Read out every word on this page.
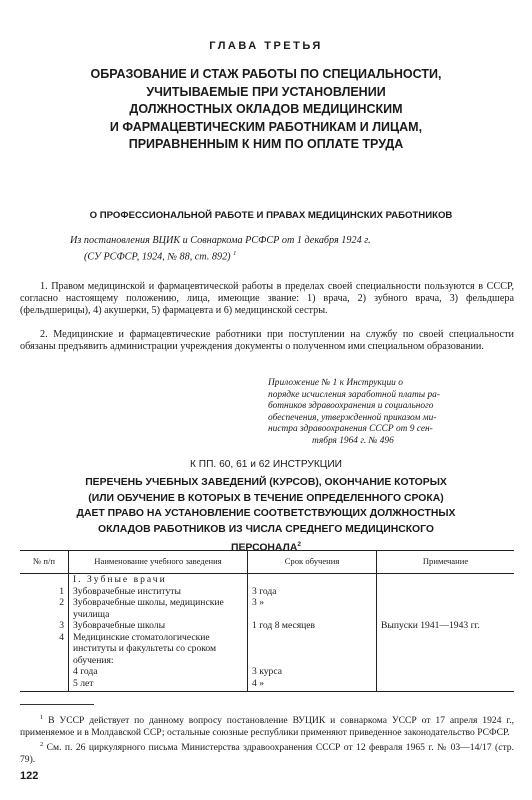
ГЛАВА ТРЕТЬЯ
ОБРАЗОВАНИЕ И СТАЖ РАБОТЫ ПО СПЕЦИАЛЬНОСТИ,
УЧИТЫВАЕМЫЕ ПРИ УСТАНОВЛЕНИИ
ДОЛЖНОСТНЫХ ОКЛАДОВ МЕДИЦИНСКИМ
И ФАРМАЦЕВТИЧЕСКИМ РАБОТНИКАМ И ЛИЦАМ,
ПРИРАВНЕННЫМ К НИМ ПО ОПЛАТЕ ТРУДА
О ПРОФЕССИОНАЛЬНОЙ РАБОТЕ И ПРАВАХ МЕДИЦИНСКИХ РАБОТНИКОВ
Из постановления ВЦИК и Совнаркома РСФСР от 1 декабря 1924 г.
(СУ РСФСР, 1924, № 88, ст. 892) $^1$
1. Правом медицинской и фармацевтической работы в пределах своей специальности пользуются в СССР, согласно настоящему положению, лица, имеющие звание: 1) врача, 2) зубного врача, 3) фельдшера (фельдшерицы), 4) акушерки, 5) фармацевта и 6) медицинской сестры.
2. Медицинские и фармацевтические работники при поступлении на службу по своей специальности обязаны предъявить администрации учреждения документы о полученном ими специальном образовании.
Приложение № 1 к Инструкции о
порядке исчисления заработной платы ра-
ботников здравоохранения и социального
обеспечения, утвержденной приказом ми-
нистра здравоохранения СССР от 9 сен-
тября 1964 г. № 496
К ПП. 60, 61 и 62 ИНСТРУКЦИИ
ПЕРЕЧЕНЬ УЧЕБНЫХ ЗАВЕДЕНИЙ (КУРСОВ), ОКОНЧАНИЕ КОТОРЫХ
(ИЛИ ОБУЧЕНИЕ В КОТОРЫХ В ТЕЧЕНИЕ ОПРЕДЕЛЕННОГО СРОКА)
ДАЕТ ПРАВО НА УСТАНОВЛЕНИЕ СООТВЕТСТВУЮЩИХ ДОЛЖНОСТНЫХ
ОКЛАДОВ РАБОТНИКОВ ИЗ ЧИСЛА СРЕДНЕГО МЕДИЦИНСКОГО
ПЕРСОНАЛА$^2$
№ п/п	Наименование учебного заведения	Срок обучения	Примечание
	I. Зубные врачи		
1	Зубоврачебные институты	3 года	
2	Зубоврачебные школы, медицинские училища	3 »	
3	Зубоврачебные школы	1 год 8 месяцев	Выпуски 1941—1943 гг.
4	Медицинские стоматологические институты и факультеты со сроком обучения:		
	4 года	3 курса	
	5 лет	4 »	
$^1$ В УССР действует по данному вопросу постановление ВУЦИК и совнаркома УССР от 17 апреля 1924 г., применяемое и в Молдавской ССР; остальные союзные республики применяют приведенное законодательство РСФСР.
$^2$ См. п. 26 циркулярного письма Министерства здравоохранения СССР от 12 февраля 1965 г. № 03—14/17 (стр. 79).
122
